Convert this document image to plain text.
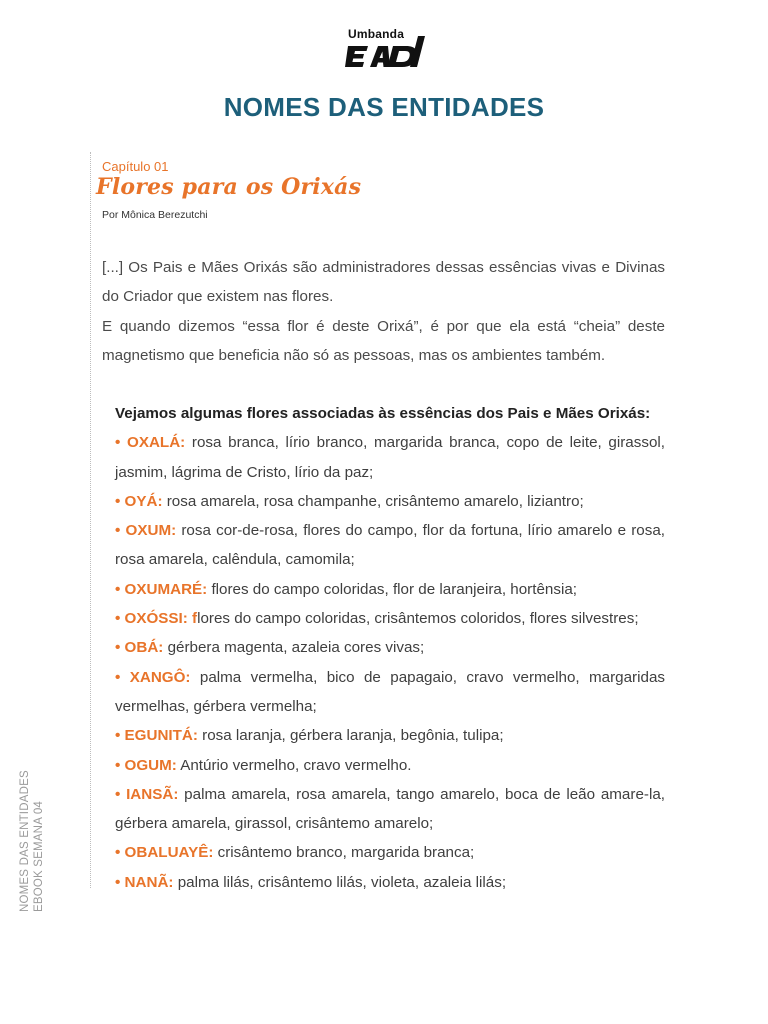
Umbanda
NOMES DAS ENTIDADES
Capítulo 01
Flores para os Orixás
Por Mônica Berezutchi

[...] Os Pais e Mães Orixás são administradores dessas essências vivas e Divinas do Criador que existem nas flores.

E quando dizemos “essa flor é deste Orixá”, é por que ela está “cheia” deste magnetismo que beneficia não só as pessoas, mas os ambientes também.

Vejamos algumas flores associadas às essências dos Pais e Mães Orixás:

• OXALÁ: rosa branca, lírio branco, margarida branca, copo de leite, girassol, jasmim, lágrima de Cristo, lírio da paz;

• OYÁ: rosa amarela, rosa champanhe, crisântemo amarelo, liziantro;

• OXUM: rosa cor-de-rosa, flores do campo, flor da fortuna, lírio amarelo e rosa, rosa amarela, calêndula, camomila;

• OXUMARÉ: flores do campo coloridas, flor de laranjeira, hortênsia;

• OXÓSSI: flores do campo coloridas, crisântemos coloridos, flores silvestres;

• OBÁ: gérbera magenta, azaleia cores vivas;

• XANGÔ: palma vermelha, bico de papagaio, cravo vermelho, margaridas vermelhas, gérbera vermelha;

• EGUNITÁ: rosa laranja, gérbera laranja, begônia, tulipa;

• OGUM: Antúrio vermelho, cravo vermelho.

• IANSÃ: palma amarela, rosa amarela, tango amarelo, boca de leão amare-la, gérbera amarela, girassol, crisântemo amarelo;

• OBALUAYÊ: crisântemo branco, margarida branca;

• NANÃ: palma lilás, crisântemo lilás, violeta, azaleia lilás;

NOMES DAS ENTIDADES EBOOK SEMANA 04
